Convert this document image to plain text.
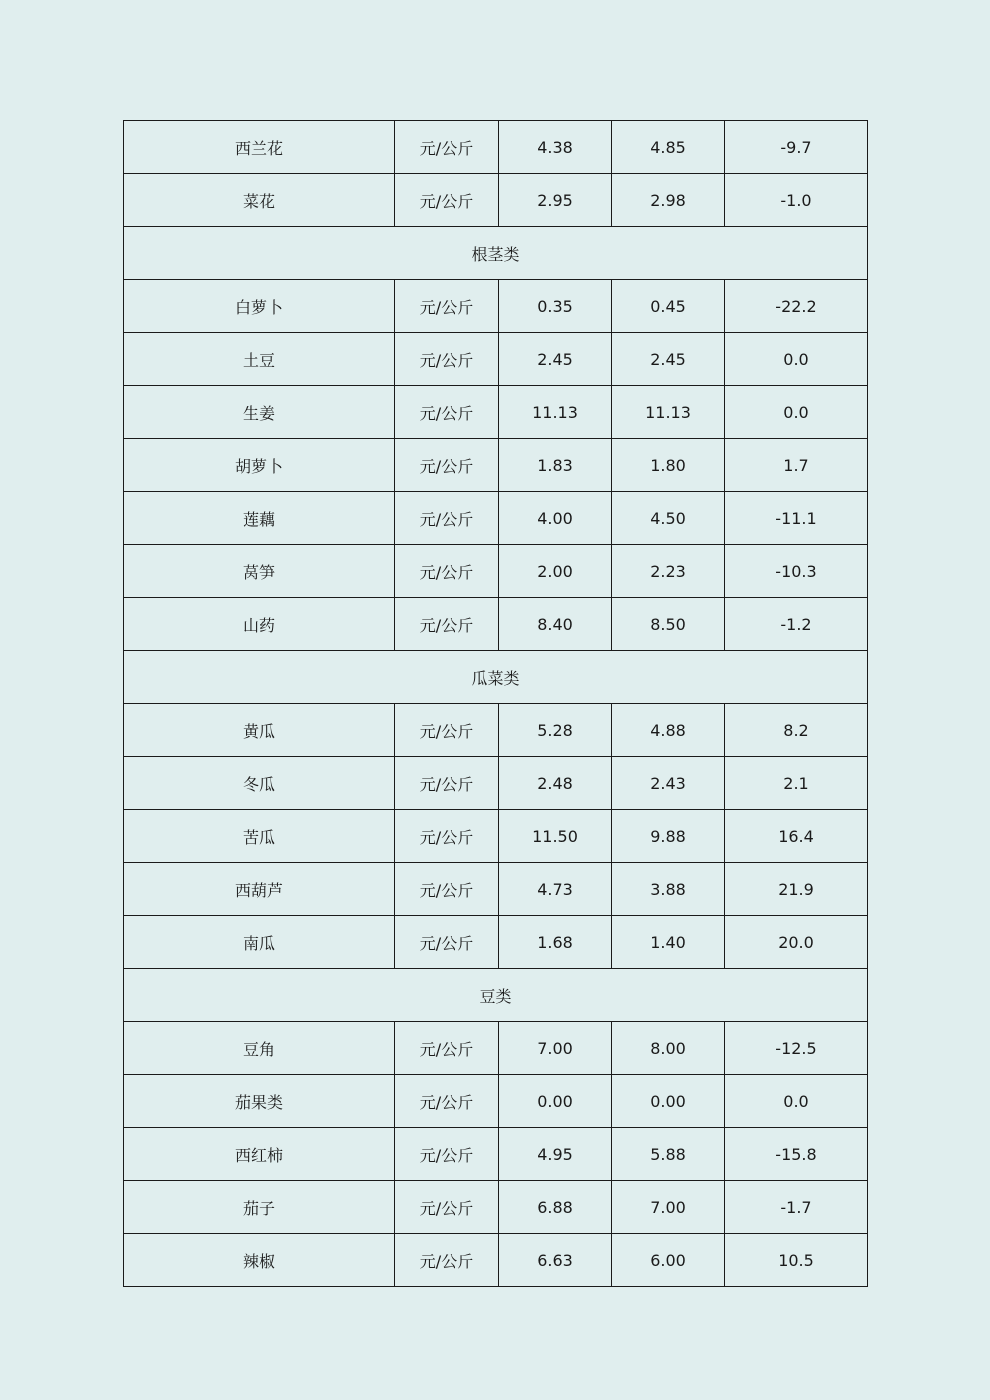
西兰花	元/公斤	4.38	4.85	-9.7
菜花	元/公斤	2.95	2.98	-1.0
根茎类				
白萝卜	元/公斤	0.35	0.45	-22.2
土豆	元/公斤	2.45	2.45	0.0
生姜	元/公斤	11.13	11.13	0.0
胡萝卜	元/公斤	1.83	1.80	1.7
莲藕	元/公斤	4.00	4.50	-11.1
莴笋	元/公斤	2.00	2.23	-10.3
山药	元/公斤	8.40	8.50	-1.2
瓜菜类				
黄瓜	元/公斤	5.28	4.88	8.2
冬瓜	元/公斤	2.48	2.43	2.1
苦瓜	元/公斤	11.50	9.88	16.4
西葫芦	元/公斤	4.73	3.88	21.9
南瓜	元/公斤	1.68	1.40	20.0
豆类				
豆角	元/公斤	7.00	8.00	-12.5
茄果类	元/公斤	0.00	0.00	0.0
西红柿	元/公斤	4.95	5.88	-15.8
茄子	元/公斤	6.88	7.00	-1.7
辣椒	元/公斤	6.63	6.00	10.5
